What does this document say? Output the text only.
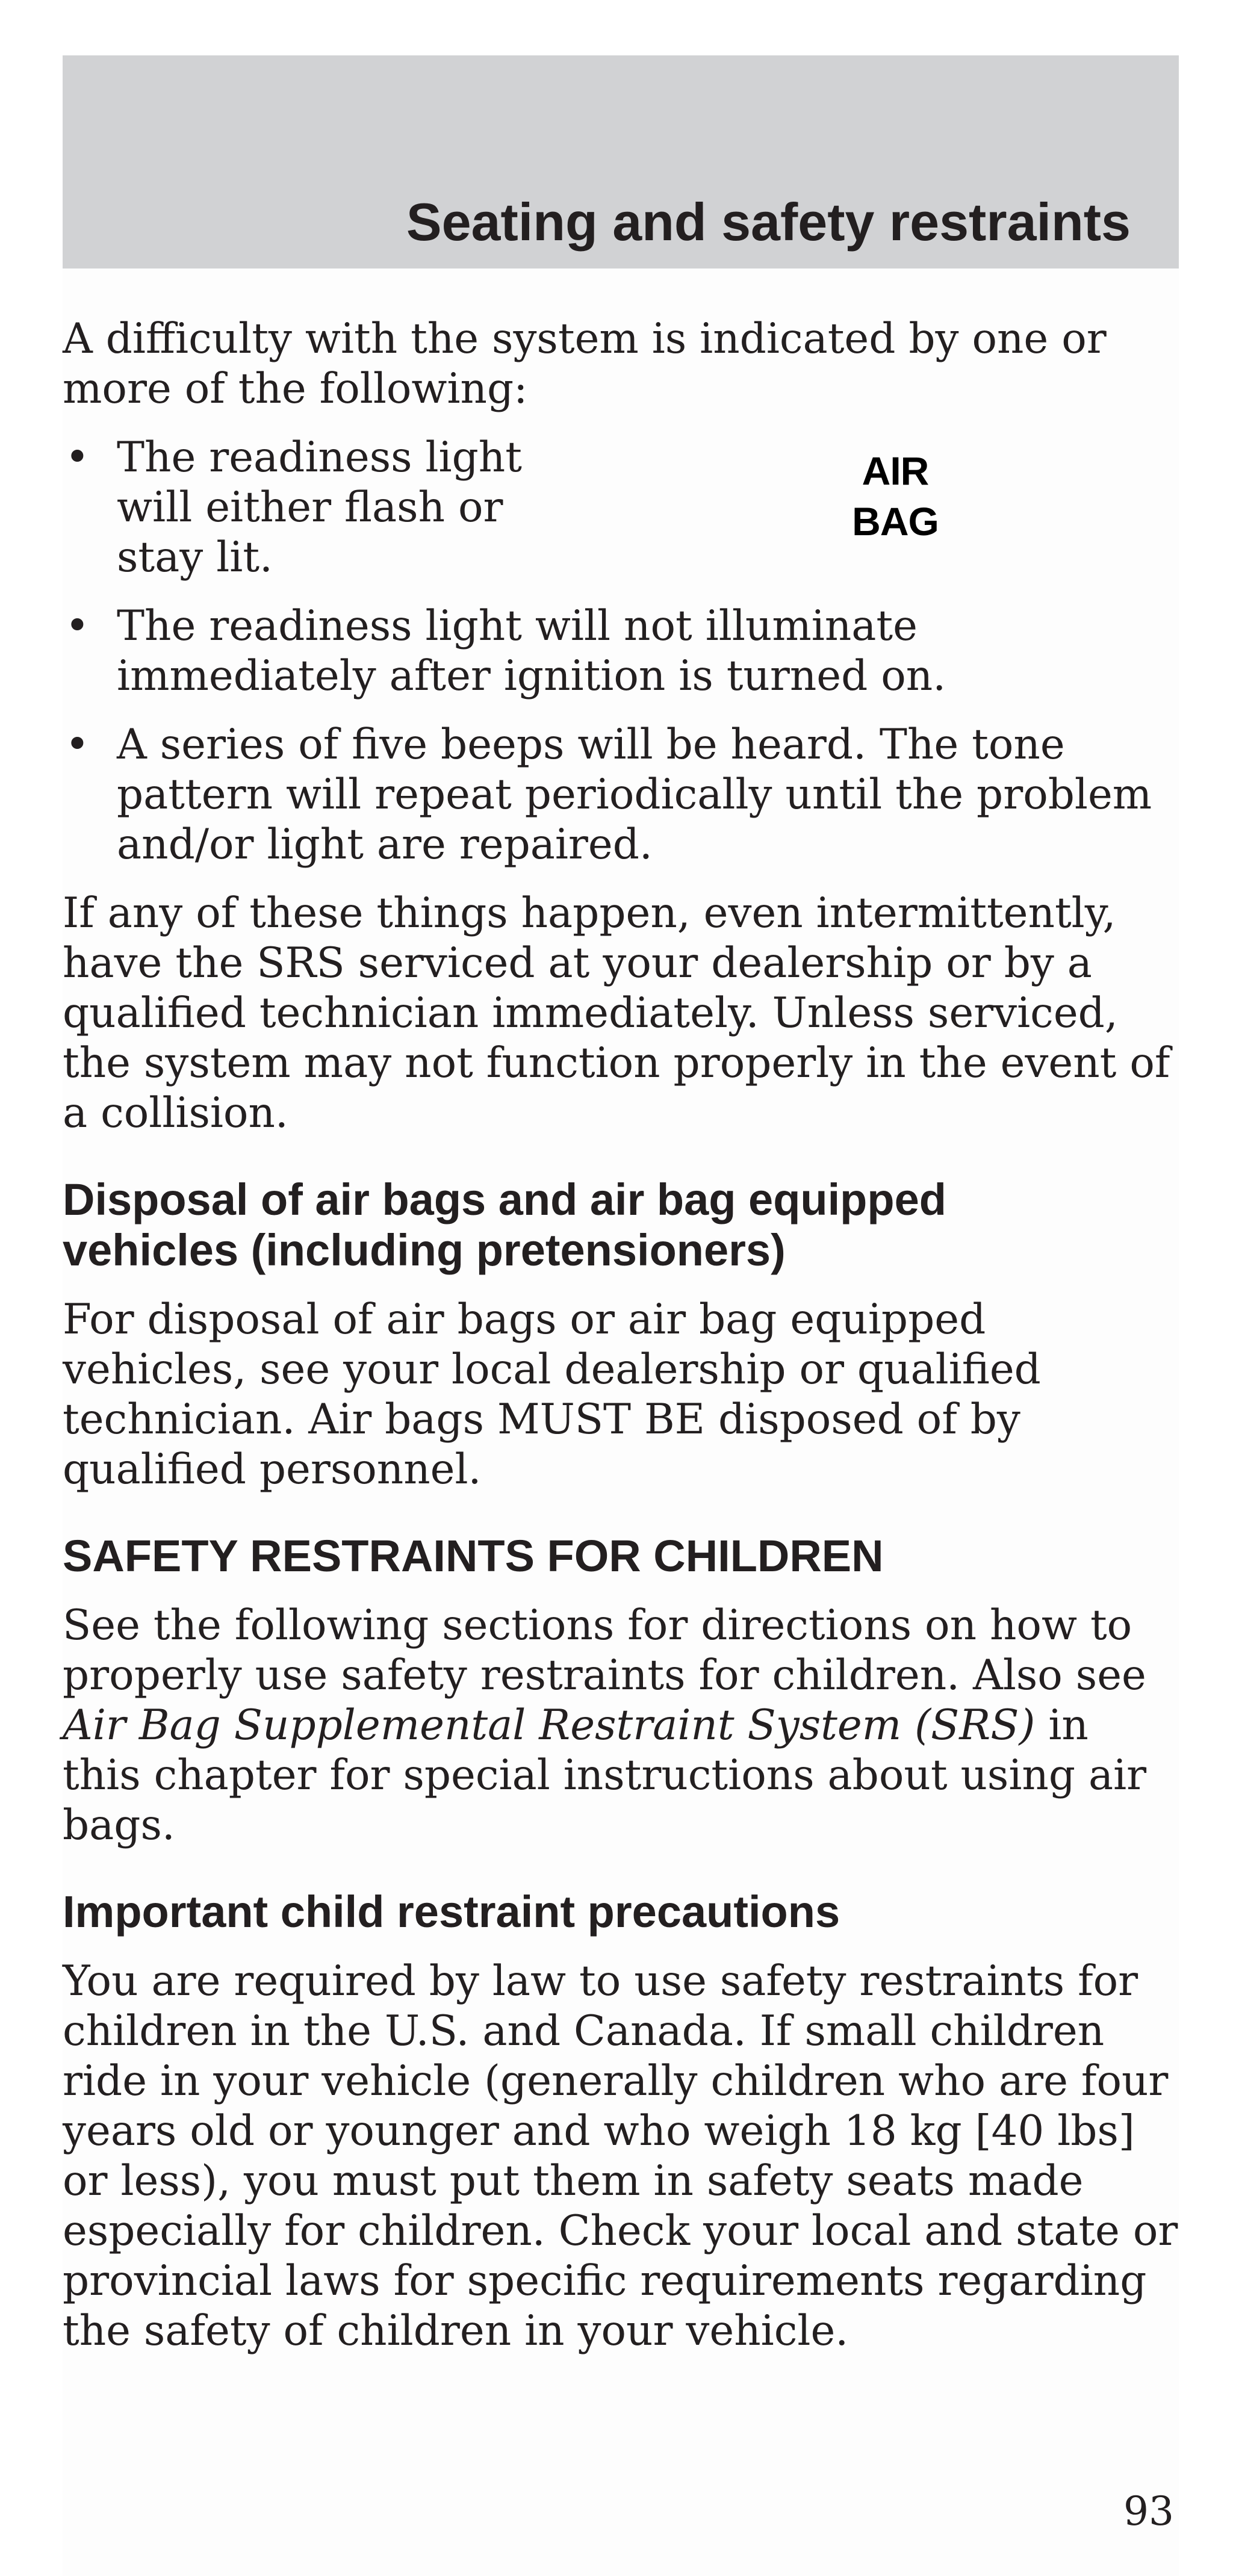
Seating and safety restraints

A difficulty with the system is indicated by one or more of the following:

• The readiness light
will either flash or
stay lit.
• The readiness light will not illuminate immediately after ignition is turned on.
• A series of five beeps will be heard. The tone pattern will repeat periodically until the problem and/or light are repaired.
AIR
BAG

If any of these things happen, even intermittently, have the SRS serviced at your dealership or by a qualified technician immediately. Unless serviced, the system may not function properly in the event of a collision.

Disposal of air bags and air bag equipped
vehicles (including pretensioners)

For disposal of air bags or air bag equipped vehicles, see your local dealership or qualified technician. Air bags MUST BE disposed of by qualified personnel.

SAFETY RESTRAINTS FOR CHILDREN

See the following sections for directions on how to properly use safety restraints for children. Also see Air Bag Supplemental Restraint System (SRS) in this chapter for special instructions about using air bags.

Important child restraint precautions

You are required by law to use safety restraints for children in the U.S. and Canada. If small children ride in your vehicle (generally children who are four years old or younger and who weigh 18 kg [40 lbs] or less), you must put them in safety seats made especially for children. Check your local and state or provincial laws for specific requirements regarding the safety of children in your vehicle.

93
